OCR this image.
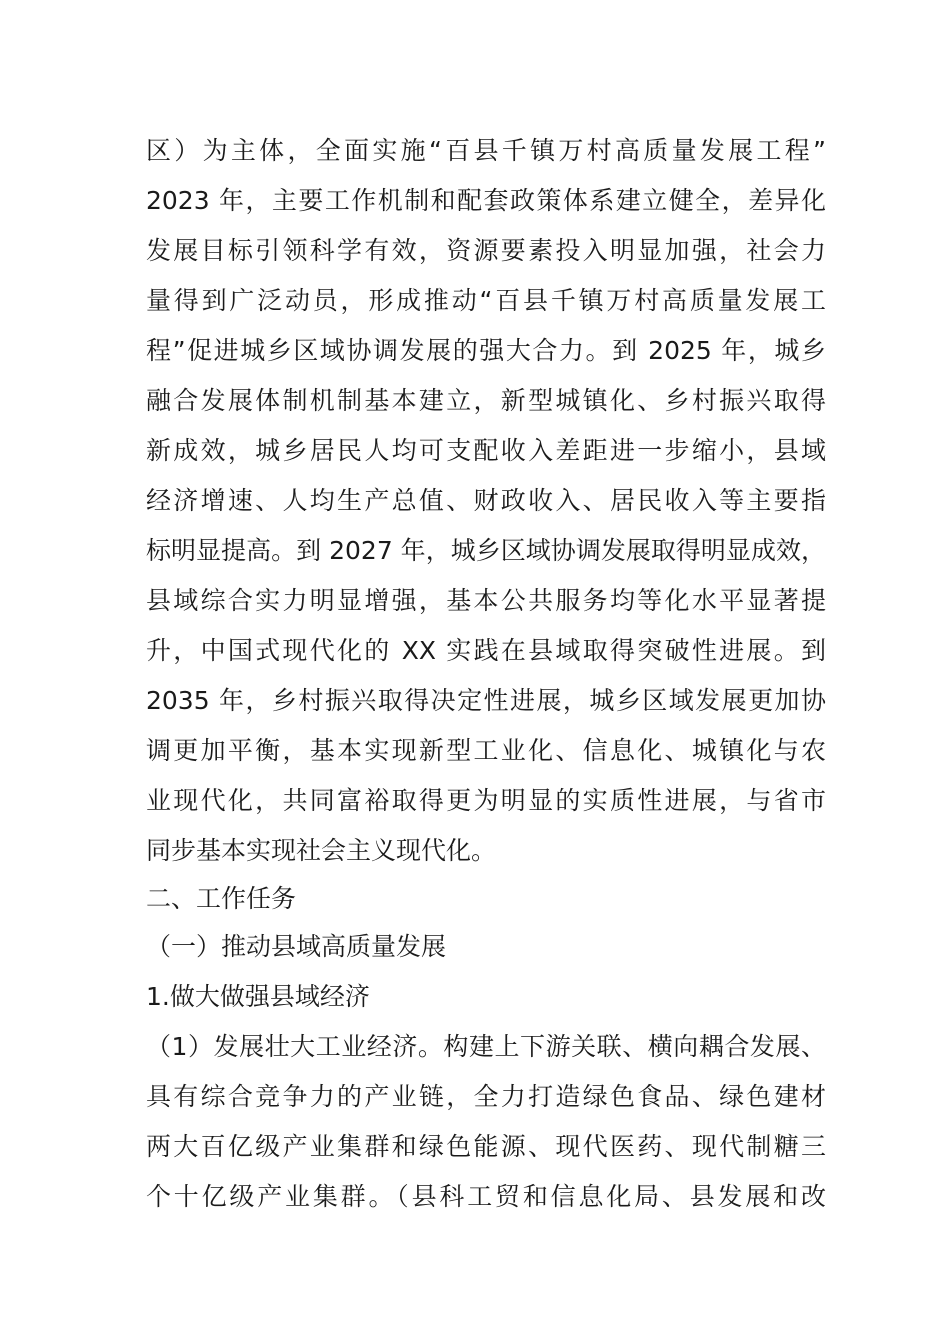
区）为主体，全面实施“百县千镇万村高质量发展工程”
2023 年，主要工作机制和配套政策体系建立健全，差异化
发展目标引领科学有效，资源要素投入明显加强，社会力
量得到广泛动员，形成推动“百县千镇万村高质量发展工
程”促进城乡区域协调发展的强大合力。到 2025 年，城乡
融合发展体制机制基本建立，新型城镇化、乡村振兴取得
新成效，城乡居民人均可支配收入差距进一步缩小，县域
经济增速、人均生产总值、财政收入、居民收入等主要指
标明显提高。到 2027 年，城乡区域协调发展取得明显成效，
县域综合实力明显增强，基本公共服务均等化水平显著提
升，中国式现代化的 XX 实践在县域取得突破性进展。到
2035 年，乡村振兴取得决定性进展，城乡区域发展更加协
调更加平衡，基本实现新型工业化、信息化、城镇化与农
业现代化，共同富裕取得更为明显的实质性进展，与省市
同步基本实现社会主义现代化。
二、工作任务
（一）推动县域高质量发展
1.做大做强县域经济
（1）发展壮大工业经济。构建上下游关联、横向耦合发展、
具有综合竞争力的产业链，全力打造绿色食品、绿色建材
两大百亿级产业集群和绿色能源、现代医药、现代制糖三
个十亿级产业集群。（县科工贸和信息化局、县发展和改
